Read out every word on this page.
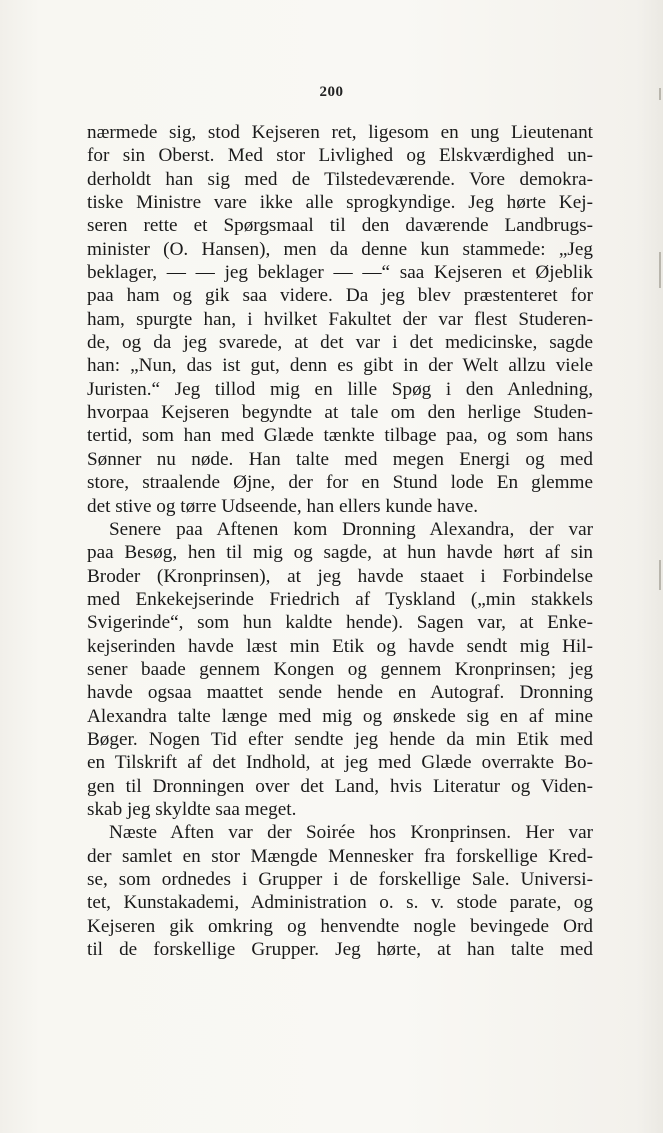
200
nærmede sig, stod Kejseren ret, ligesom en ung Lieutenant
for sin Oberst. Med stor Livlighed og Elskværdighed un-
derholdt han sig med de Tilstedeværende. Vore demokra-
tiske Ministre vare ikke alle sprogkyndige. Jeg hørte Kej-
seren rette et Spørgsmaal til den daværende Landbrugs-
minister (O. Hansen), men da denne kun stammede: „Jeg
beklager, — — jeg beklager — —“ saa Kejseren et Øjeblik
paa ham og gik saa videre. Da jeg blev præstenteret for
ham, spurgte han, i hvilket Fakultet der var flest Studeren-
de, og da jeg svarede, at det var i det medicinske, sagde
han: „Nun, das ist gut, denn es gibt in der Welt allzu viele
Juristen.“ Jeg tillod mig en lille Spøg i den Anledning,
hvorpaa Kejseren begyndte at tale om den herlige Studen-
tertid, som han med Glæde tænkte tilbage paa, og som hans
Sønner nu nøde. Han talte med megen Energi og med
store, straalende Øjne, der for en Stund lode En glemme
det stive og tørre Udseende, han ellers kunde have.
Senere paa Aftenen kom Dronning Alexandra, der var
paa Besøg, hen til mig og sagde, at hun havde hørt af sin
Broder (Kronprinsen), at jeg havde staaet i Forbindelse
med Enkekejserinde Friedrich af Tyskland („min stakkels
Svigerinde“, som hun kaldte hende). Sagen var, at Enke-
kejserinden havde læst min Etik og havde sendt mig Hil-
sener baade gennem Kongen og gennem Kronprinsen; jeg
havde ogsaa maattet sende hende en Autograf. Dronning
Alexandra talte længe med mig og ønskede sig en af mine
Bøger. Nogen Tid efter sendte jeg hende da min Etik med
en Tilskrift af det Indhold, at jeg med Glæde overrakte Bo-
gen til Dronningen over det Land, hvis Literatur og Viden-
skab jeg skyldte saa meget.
Næste Aften var der Soirée hos Kronprinsen. Her var
der samlet en stor Mængde Mennesker fra forskellige Kred-
se, som ordnedes i Grupper i de forskellige Sale. Universi-
tet, Kunstakademi, Administration o. s. v. stode parate, og
Kejseren gik omkring og henvendte nogle bevingede Ord
til de forskellige Grupper. Jeg hørte, at han talte med
